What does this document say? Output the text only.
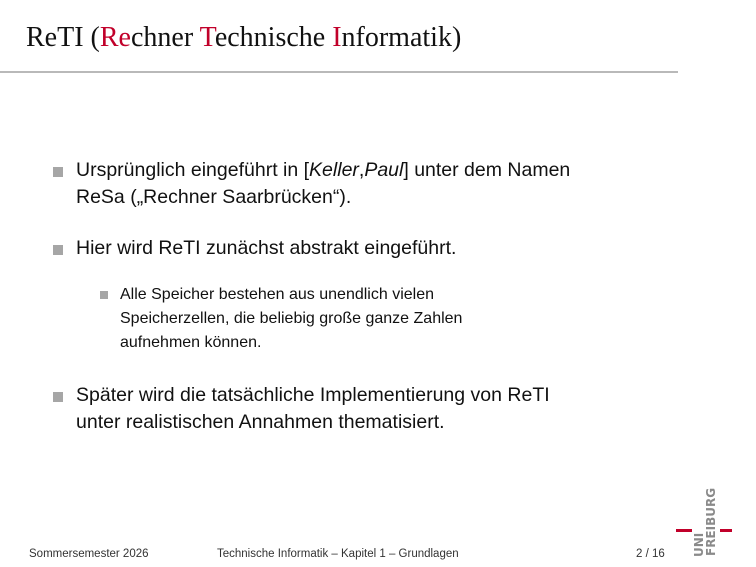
ReTI (Rechner Technische Informatik)
Ursprünglich eingeführt in [Keller,Paul] unter dem Namen
ReSa („Rechner Saarbrücken“).
Hier wird ReTI zunächst abstrakt eingeführt.
Alle Speicher bestehen aus unendlich vielen
Speicherzellen, die beliebig große ganze Zahlen
aufnehmen können.
Später wird die tatsächliche Implementierung von ReTI
unter realistischen Annahmen thematisiert.
Sommersemester 2026	Technische Informatik – Kapitel 1 – Grundlagen	2 / 16 UNI
FREIBURG
